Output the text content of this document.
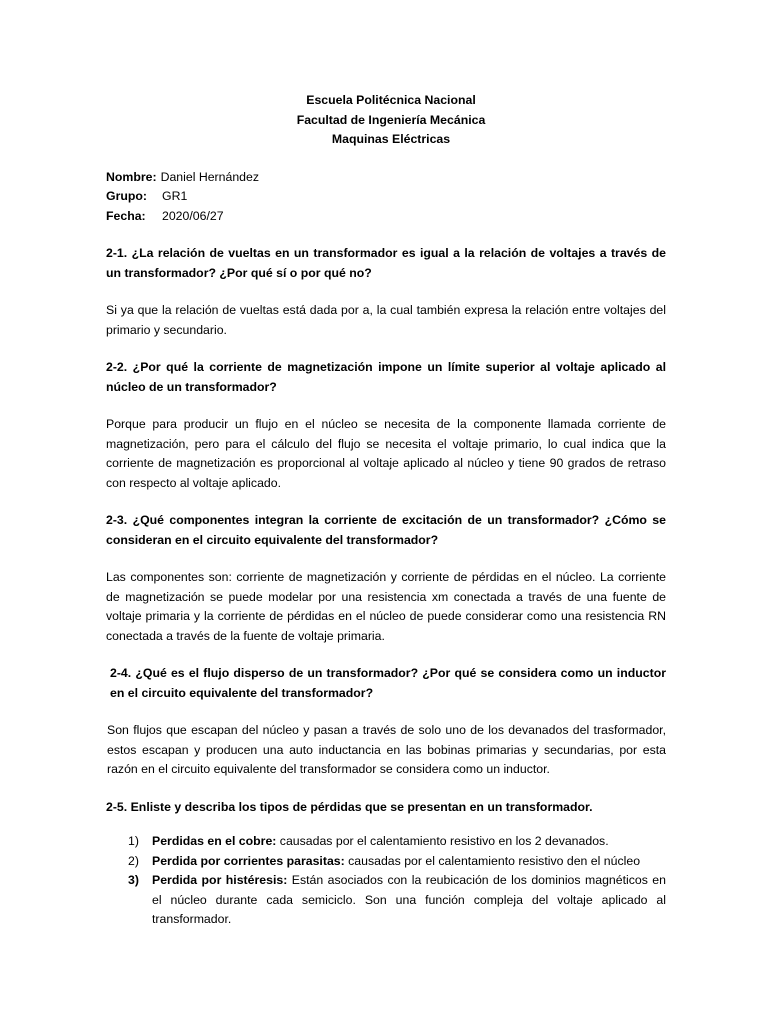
Escuela Politécnica Nacional
Facultad de Ingeniería Mecánica
Maquinas Eléctricas
Nombre: Daniel Hernández
Grupo:	GR1
Fecha:	2020/06/27
2-1. ¿La relación de vueltas en un transformador es igual a la relación de voltajes a través de un transformador? ¿Por qué sí o por qué no?
Si ya que la relación de vueltas está dada por a, la cual también expresa la relación entre voltajes del primario y secundario.
2-2. ¿Por qué la corriente de magnetización impone un límite superior al voltaje aplicado al núcleo de un transformador?
Porque para producir un flujo en el núcleo se necesita de la componente llamada corriente de magnetización, pero para el cálculo del flujo se necesita el voltaje primario, lo cual indica que la corriente de magnetización es proporcional al voltaje aplicado al núcleo y tiene 90 grados de retraso con respecto al voltaje aplicado.
2-3. ¿Qué componentes integran la corriente de excitación de un transformador? ¿Cómo se consideran en el circuito equivalente del transformador?
Las componentes son: corriente de magnetización y corriente de pérdidas en el núcleo. La corriente de magnetización se puede modelar por una resistencia xm conectada a través de una fuente de voltaje primaria y la corriente de pérdidas en el núcleo de puede considerar como una resistencia RN conectada a través de la fuente de voltaje primaria.
2-4. ¿Qué es el flujo disperso de un transformador? ¿Por qué se considera como un inductor en el circuito equivalente del transformador?
Son flujos que escapan del núcleo y pasan a través de solo uno de los devanados del trasformador, estos escapan y producen una auto inductancia en las bobinas primarias y secundarias, por esta razón en el circuito equivalente del transformador se considera como un inductor.
2-5. Enliste y describa los tipos de pérdidas que se presentan en un transformador.
1)	Perdidas en el cobre: causadas por el calentamiento resistivo en los 2 devanados.
2)	Perdida por corrientes parasitas: causadas por el calentamiento resistivo den el núcleo
3)	Perdida por histéresis: Están asociados con la reubicación de los dominios magnéticos en el núcleo durante cada semiciclo. Son una función compleja del voltaje aplicado al transformador.
